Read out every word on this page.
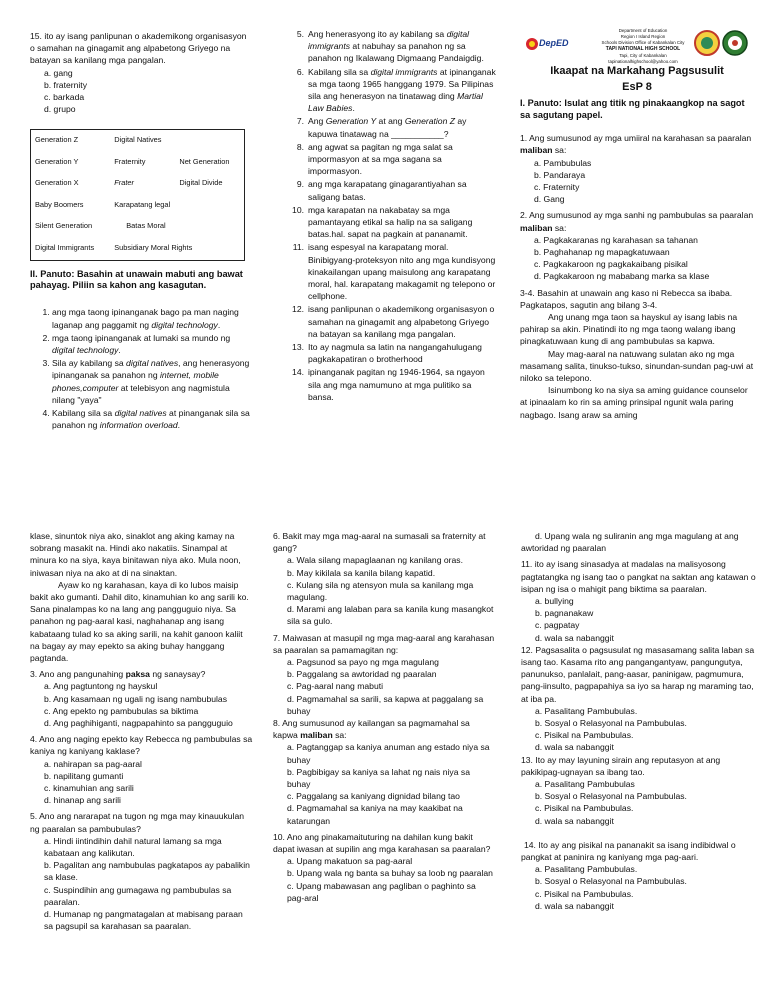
15. ito ay isang panlipunan o akademikong organisasyon o samahan na ginagamit ang alpabetong Griyego na batayan sa kanilang mga pangalan.

a. gang

b. fraternity

c. barkada

d. grupo

Generation Z	Digital Natives	
Generation Y	Fraternity	Net Generation
Generation X	Frater	Digital Divide
Baby Boomers	Karapatang legal	
Silent Generation	Batas Moral	
Digital Immigrants	Subsidiary Moral Rights	

II. Panuto: Basahin at unawain mabuti ang bawat pahayag. Piliin sa kahon ang kasagutan.

1. ang mga taong ipinanganak bago pa man naging laganap ang paggamit ng digital technology.
2. mga taong ipinanganak at lumaki sa mundo ng digital technology.
3. Sila ay kabilang sa digital natives, ang henerasyong ipinanganak sa panahon ng internet, mobile phones,computer at telebisyon ang nagmistula nilang "yaya"
4. Kabilang sila sa digital natives at pinanganak sila sa panahon ng information overload.
5. Ang henerasyong ito ay kabilang sa digital immigrants at nabuhay sa panahon ng sa panahon ng Ikalawang Digmaang Pandaigdig.
6. Kabilang sila sa digital immigrants at ipinanganak sa mga taong 1965 hanggang 1979. Sa Pilipinas sila ang henerasyon na tinatawag ding Martial Law Babies.
7. Ang Generation Y at ang Generation Z ay kapuwa tinatawag na ___________?
8. ang agwat sa pagitan ng mga salat sa impormasyon at sa mga sagana sa impormasyon.
9. ang mga karapatang ginagarantiyahan sa saligang batas.
10. mga karapatan na nakabatay sa mga pamantayang etikal sa halip na sa saligang batas.hal. sapat na pagkain at pananamit.
11. isang espesyal na karapatang moral. Binibigyang-proteksyon nito ang mga kundisyong kinakailangan upang maisulong ang karapatang moral, hal. karapatang makagamit ng telepono or cellphone.
12. isang panlipunan o akademikong organisasyon o samahan na ginagamit ang alpabetong Griyego na batayan sa kanilang mga pangalan.
13. Ito ay nagmula sa latin na nangangahulugang pagkakapatiran o brotherhood
14. ipinanganak pagitan ng 1946-1964, sa ngayon sila ang mga namumuno at mga pulitiko sa bansa.
DepED
Department of Education
Region I Island Region
Schools Division Office of Kabankalan City
TAPI NATIONAL HIGH SCHOOL
Tapi, City of Kabankalan
tapinationalhighschool@yahoo.com

Ikaapat na Markahang Pagsusulit

EsP 8

I. Panuto: Isulat ang titik ng pinakaangkop na sagot sa sagutang papel.

1. Ang sumusunod ay mga umiiral na karahasan sa paaralan maliban sa:

a. Pambubulas

b. Pandaraya

c. Fraternity

d. Gang

2. Ang sumusunod ay mga sanhi ng pambubulas sa paaralan maliban sa:

a. Pagkakaranas ng karahasan sa tahanan

b. Paghahanap ng mapagkatuwaan

c. Pagkakaroon ng pagkakaibang pisikal

d. Pagkakaroon ng mababang marka sa klase

3-4. Basahin at unawain ang kaso ni Rebecca sa ibaba. Pagkatapos, sagutin ang bilang 3-4.

Ang unang mga taon sa hayskul ay isang labis na pahirap sa akin. Pinatindi ito ng mga taong walang ibang pinagkatuwaan kung di ang pambubulas sa kapwa.

May mag-aaral na natuwang sulatan ako ng mga masamang salita, tinukso-tukso, sinundan-sundan pag-uwi at niloko sa telepono.

Isinumbong ko na siya sa aming guidance counselor at ipinaalam ko rin sa aming prinsipal ngunit wala paring nagbago. Isang araw sa aming

klase, sinuntok niya ako, sinaklot ang aking kamay na sobrang masakit na. Hindi ako nakatiis. Sinampal at minura ko na siya, kaya binitawan niya ako. Mula noon, iniwasan niya na ako at di na sinaktan.

Ayaw ko ng karahasan, kaya di ko lubos maisip bakit ako gumanti. Dahil dito, kinamuhian ko ang sarili ko. Sana pinalampas ko na lang ang pangguguio niya. Sa panahon ng pag-aaral kasi, naghahanap ang isang kabataang tulad ko sa aking sarili, na kahit ganoon kaliit na bagay ay may epekto sa aking buhay hanggang pagtanda.

3. Ano ang pangunahing paksa ng sanaysay?

a. Ang pagtuntong ng hayskul

b. Ang kasamaan ng ugali ng isang nambubulas

c. Ang epekto ng pambubulas sa biktima

d. Ang paghihiganti, nagpapahinto sa pangguguio

4. Ano ang naging epekto kay Rebecca ng pambubulas sa kaniya ng kaniyang kaklase?

a. nahirapan sa pag-aaral

b. napilitang gumanti

c. kinamuhian ang sarili

d. hinanap ang sarili

5. Ano ang nararapat na tugon ng mga may kinauukulan ng paaralan sa pambubulas?

a. Hindi iintindihin dahil natural lamang sa mga kabataan ang kalikutan.

b. Pagalitan ang nambubulas pagkatapos ay pabalikin sa klase.

c. Suspindihin ang gumagawa ng pambubulas sa paaralan.

d. Humanap ng pangmatagalan at mabisang paraan sa pagsupil sa karahasan sa paaralan.

6. Bakit may mga mag-aaral na sumasali sa fraternity at gang?

a. Wala silang mapaglaanan ng kanilang oras.

b. May kikilala sa kanila bilang kapatid.

c. Kulang sila ng atensyon mula sa kanilang mga magulang.

d. Marami ang lalaban para sa kanila kung masangkot sila sa gulo.

7. Maiwasan at masupil ng mga mag-aaral ang karahasan sa paaralan sa pamamagitan ng:

a. Pagsunod sa payo ng mga magulang

b. Paggalang sa awtoridad ng paaralan

c. Pag-aaral nang mabuti

d. Pagmamahal sa sarili, sa kapwa at paggalang sa buhay

8. Ang sumusunod ay kailangan sa pagmamahal sa kapwa maliban sa:

a. Pagtanggap sa kaniya anuman ang estado niya sa buhay

b. Pagbibigay sa kaniya sa lahat ng nais niya sa buhay

c. Paggalang sa kaniyang dignidad bilang tao

d. Pagmamahal sa kaniya na may kaakibat na katarungan

10. Ano ang pinakamaituturing na dahilan kung bakit dapat iwasan at supilin ang mga karahasan sa paaralan?

a. Upang makatuon sa pag-aaral

b. Upang wala ng banta sa buhay sa loob ng paaralan

c. Upang mabawasan ang pagliban o paghinto sa pag-aral

d. Upang wala ng suliranin ang mga magulang at ang awtoridad ng paaralan

11. ito ay isang sinasadya at madalas na malisyosong pagtatangka ng isang tao o pangkat na saktan ang katawan o isipan ng isa o mahigit pang biktima sa paaralan.

a. bullying

b. pagnanakaw

c. pagpatay

d. wala sa nabanggit

12. Pagsasalita o pagsusulat ng masasamang salita laban sa isang tao. Kasama rito ang pangangantyaw, pangungutya, panunukso, panlalait, pang-aasar, paninigaw, pagmumura, pang-iinsulto, pagpapahiya sa iyo sa harap ng maraming tao, at iba pa.

a. Pasalitang Pambubulas.

b. Sosyal o Relasyonal na Pambubulas.

c. Pisikal na Pambubulas.

d. wala sa nabanggit

13. Ito ay may layuning sirain ang reputasyon at ang pakikipag-ugnayan sa ibang tao.

a. Pasalitang Pambubulas

b. Sosyal o Relasyonal na Pambubulas.

c. Pisikal na Pambubulas.

d. wala sa nabanggit

14. Ito ay ang pisikal na pananakit sa isang indibidwal o pangkat at paninira ng kaniyang mga pag-aari.

a. Pasalitang Pambubulas.

b. Sosyal o Relasyonal na Pambubulas.

c. Pisikal na Pambubulas.

d. wala sa nabanggit
